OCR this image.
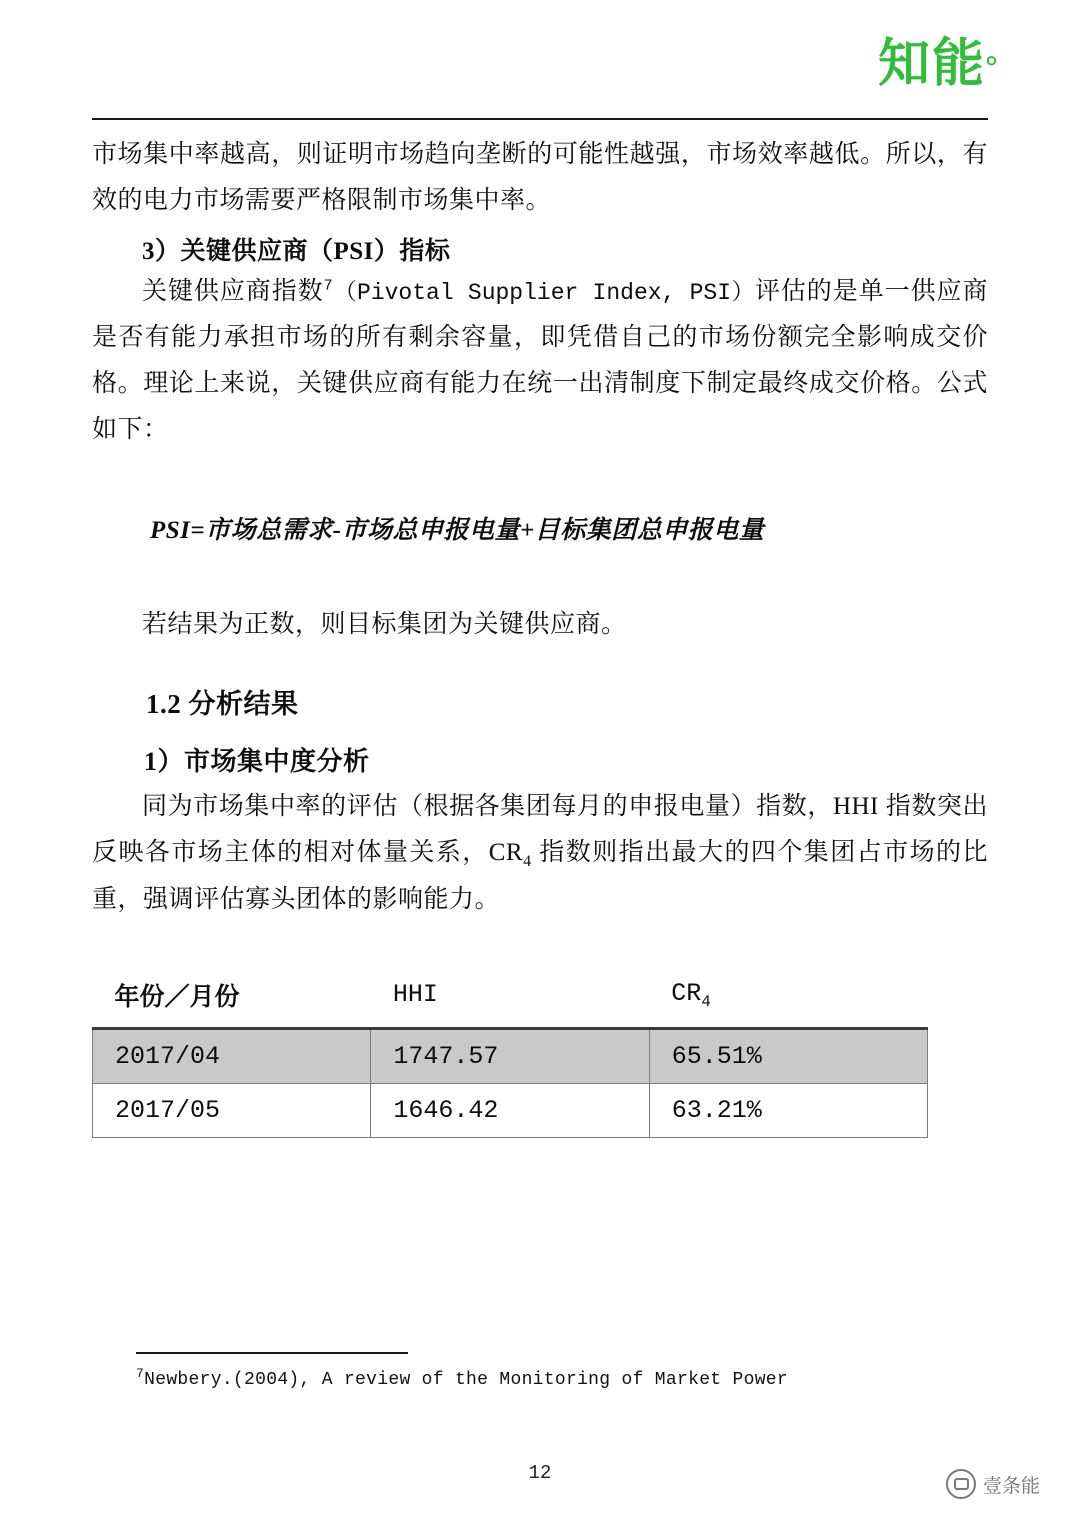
知能。

市场集中率越高，则证明市场趋向垄断的可能性越强，市场效率越低。所以，有效的电力市场需要严格限制市场集中率。

3）关键供应商（PSI）指标

关键供应商指数$^7$（Pivotal Supplier Index, PSI）评估的是单一供应商是否有能力承担市场的所有剩余容量，即凭借自己的市场份额完全影响成交价格。理论上来说，关键供应商有能力在统一出清制度下制定最终成交价格。公式如下：

PSI=市场总需求-市场总申报电量+目标集团总申报电量

若结果为正数，则目标集团为关键供应商。

1.2 分析结果
1）市场集中度分析

同为市场集中率的评估（根据各集团每月的申报电量）指数，HHI 指数突出反映各市场主体的相对体量关系，$CR_4$ 指数则指出最大的四个集团占市场的比重，强调评估寡头团体的影响能力。

年份／月份	HHI	$CR_4$
2017/04	1747.57	65.51%
2017/05	1646.42	63.21%
$^7$Newbery.(2004), A review of the Monitoring of Market Power
12
壹条能
